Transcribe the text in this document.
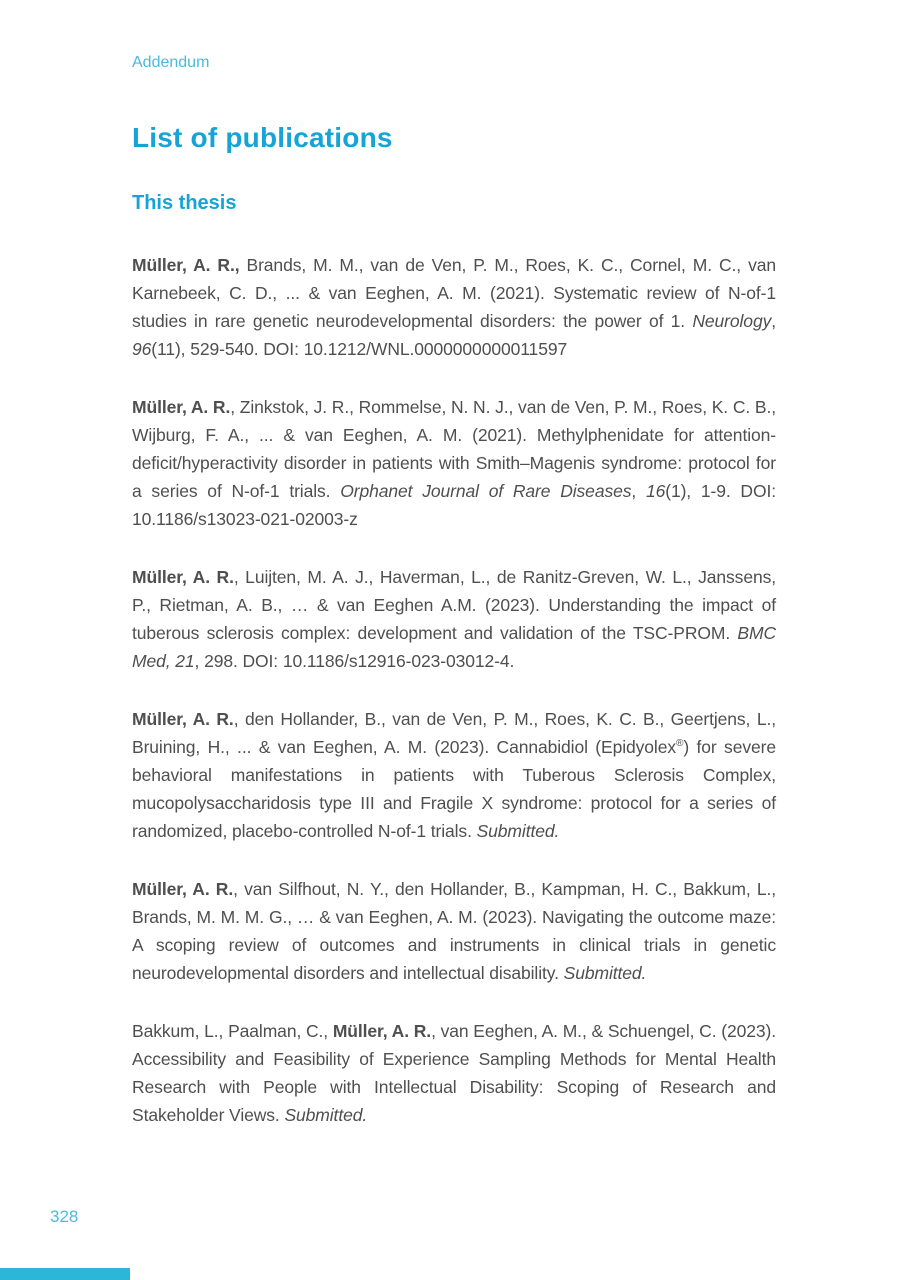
Addendum
List of publications
This thesis

Müller, A. R., Brands, M. M., van de Ven, P. M., Roes, K. C., Cornel, M. C., van Karnebeek, C. D., ... & van Eeghen, A. M. (2021). Systematic review of N-of-1 studies in rare genetic neurodevelopmental disorders: the power of 1. Neurology, 96(11), 529-540. DOI: 10.1212/WNL.0000000000011597

Müller, A. R., Zinkstok, J. R., Rommelse, N. N. J., van de Ven, P. M., Roes, K. C. B., Wijburg, F. A., ... & van Eeghen, A. M. (2021). Methylphenidate for attention-deficit/hyperactivity disorder in patients with Smith–Magenis syndrome: protocol for a series of N-of-1 trials. Orphanet Journal of Rare Diseases, 16(1), 1-9. DOI: 10.1186/s13023-021-02003-z

Müller, A. R., Luijten, M. A. J., Haverman, L., de Ranitz-Greven, W. L., Janssens, P., Rietman, A. B., … & van Eeghen A.M. (2023). Understanding the impact of tuberous sclerosis complex: development and validation of the TSC-PROM. BMC Med, 21, 298. DOI: 10.1186/s12916-023-03012-4.

Müller, A. R., den Hollander, B., van de Ven, P. M., Roes, K. C. B., Geertjens, L., Bruining, H., ... & van Eeghen, A. M. (2023). Cannabidiol (Epidyolex®) for severe behavioral manifestations in patients with Tuberous Sclerosis Complex, mucopolysaccharidosis type III and Fragile X syndrome: protocol for a series of randomized, placebo-controlled N-of-1 trials. Submitted.

Müller, A. R., van Silfhout, N. Y., den Hollander, B., Kampman, H. C., Bakkum, L., Brands, M. M. M. G., … & van Eeghen, A. M. (2023). Navigating the outcome maze: A scoping review of outcomes and instruments in clinical trials in genetic neurodevelopmental disorders and intellectual disability. Submitted.

Bakkum, L., Paalman, C., Müller, A. R., van Eeghen, A. M., & Schuengel, C. (2023). Accessibility and Feasibility of Experience Sampling Methods for Mental Health Research with People with Intellectual Disability: Scoping of Research and Stakeholder Views. Submitted.

328
